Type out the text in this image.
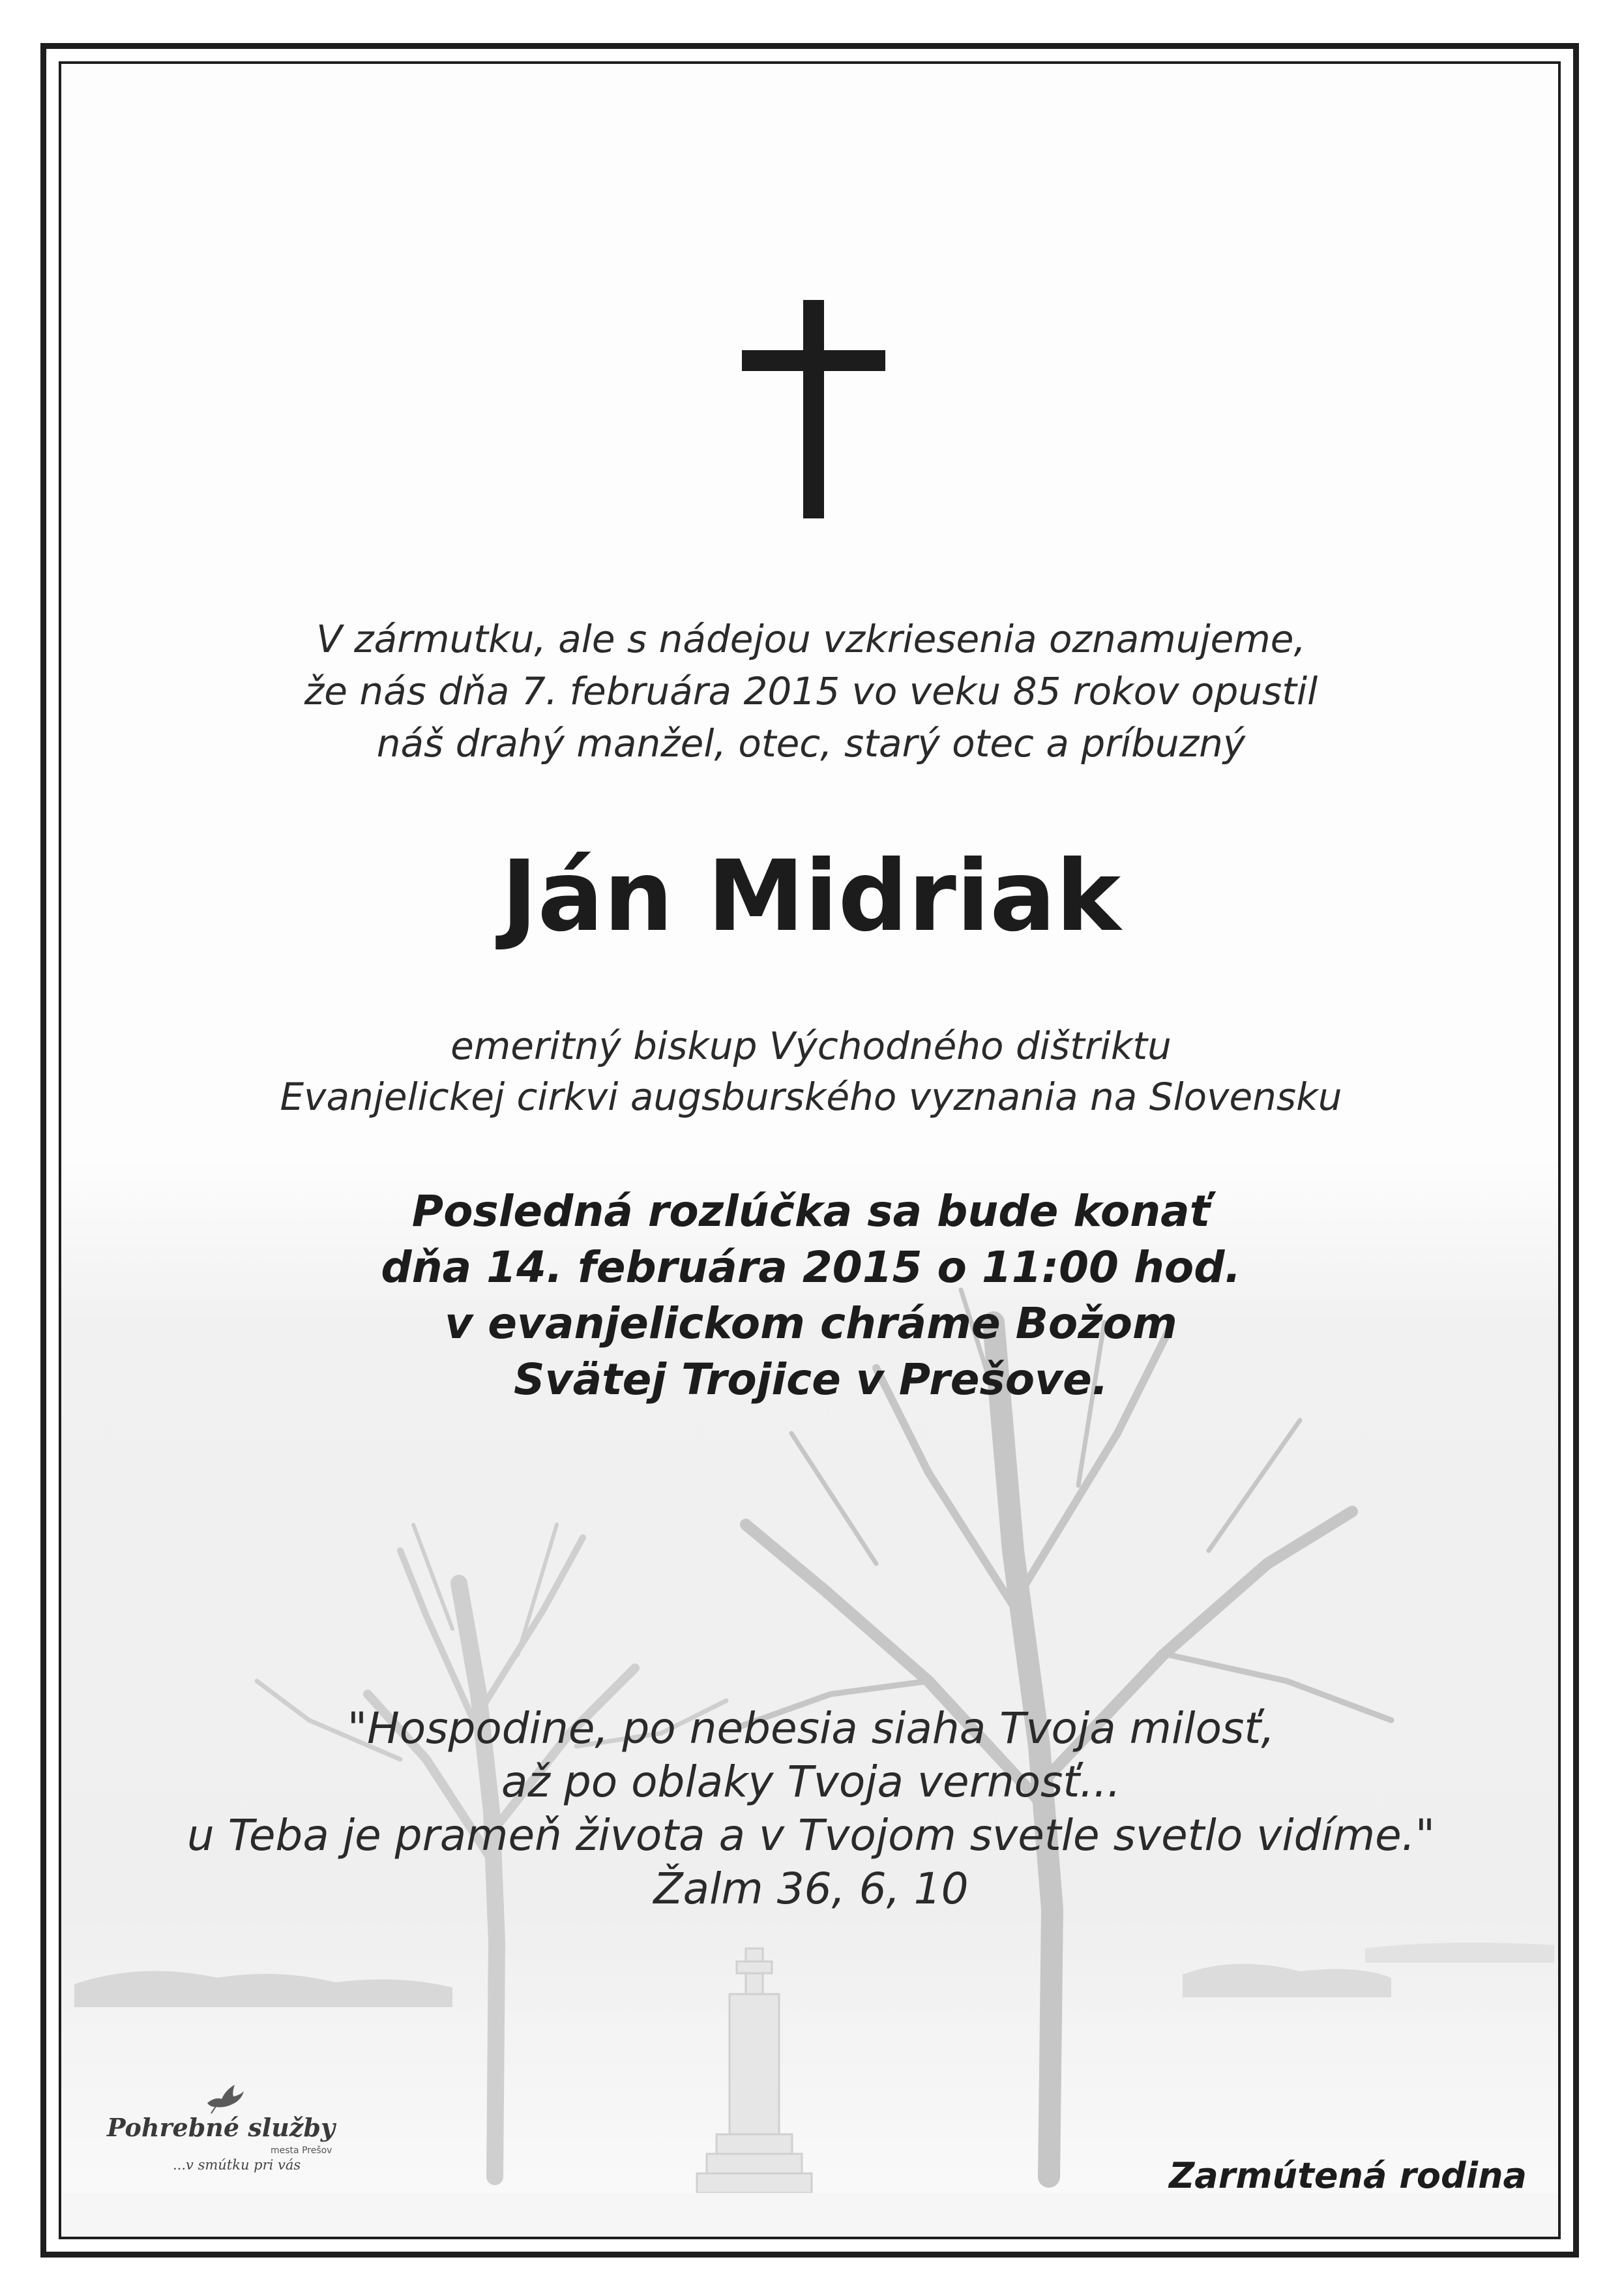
V zármutku, ale s nádejou vzkriesenia oznamujeme,
že nás dňa 7. februára 2015 vo veku 85 rokov opustil
náš drahý manžel, otec, starý otec a príbuzný

Ján Midriak

emeritný biskup Východného dištriktu
Evanjelickej cirkvi augsburského vyznania na Slovensku

Posledná rozlúčka sa bude konať
dňa 14. februára 2015 o 11:00 hod.
v evanjelickom chráme Božom
Svätej Trojice v Prešove.

"Hospodine, po nebesia siaha Tvoja milosť,
až po oblaky Tvoja vernosť...
u Teba je prameň života a v Tvojom svetle svetlo vidíme."
Žalm 36, 6, 10

Pohrebné služby

mesta Prešov

...v smútku pri vás	Zarmútená rodina
